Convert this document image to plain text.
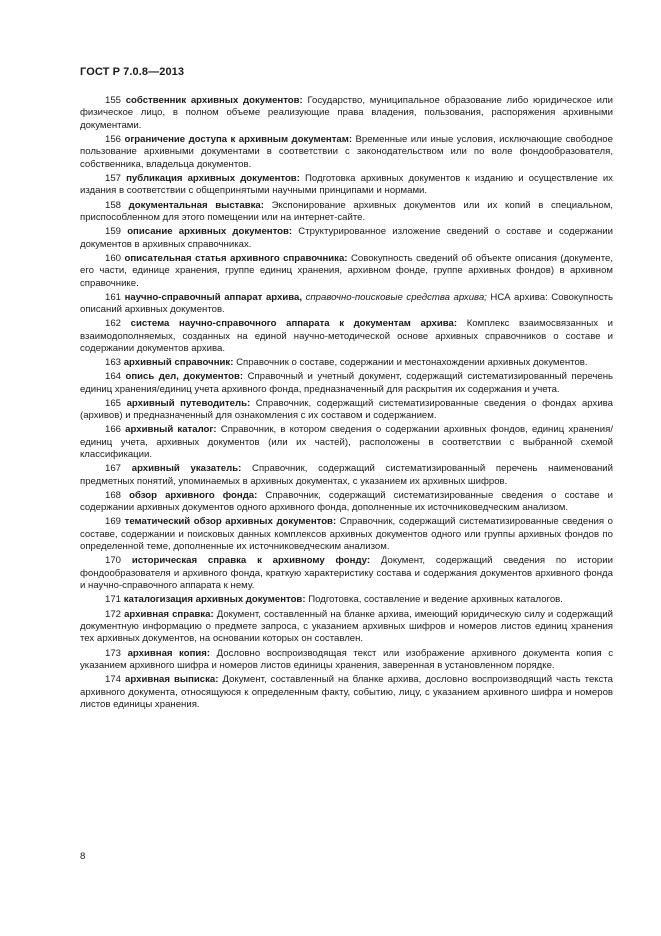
ГОСТ Р 7.0.8—2013

155 собственник архивных документов: Государство, муниципальное образование либо юридическое или физическое лицо, в полном объеме реализующие права владения, пользования, распоряжения архивными документами.

156 ограничение доступа к архивным документам: Временные или иные условия, исключающие свободное пользование архивными документами в соответствии с законодательством или по воле фондообразователя, собственника, владельца документов.

157 публикация архивных документов: Подготовка архивных документов к изданию и осуществление их издания в соответствии с общепринятыми научными принципами и нормами.

158 документальная выставка: Экспонирование архивных документов или их копий в специальном, приспособленном для этого помещении или на интернет-сайте.

159 описание архивных документов: Структурированное изложение сведений о составе и содержании документов в архивных справочниках.

160 описательная статья архивного справочника: Совокупность сведений об объекте описания (документе, его части, единице хранения, группе единиц хранения, архивном фонде, группе архивных фондов) в архивном справочнике.

161 научно-справочный аппарат архива, справочно-поисковые средства архива; НСА архива: Совокупность описаний архивных документов.

162 система научно-справочного аппарата к документам архива: Комплекс взаимосвязанных и взаимодополняемых, созданных на единой научно-методической основе архивных справочников о составе и содержании документов архива.

163 архивный справочник: Справочник о составе, содержании и местонахождении архивных документов.

164 опись дел, документов: Справочный и учетный документ, содержащий систематизированный перечень единиц хранения/единиц учета архивного фонда, предназначенный для раскрытия их содержания и учета.

165 архивный путеводитель: Справочник, содержащий систематизированные сведения о фондах архива (архивов) и предназначенный для ознакомления с их составом и содержанием.

166 архивный каталог: Справочник, в котором сведения о содержании архивных фондов, единиц хранения/единиц учета, архивных документов (или их частей), расположены в соответствии с выбранной схемой классификации.

167 архивный указатель: Справочник, содержащий систематизированный перечень наименований предметных понятий, упоминаемых в архивных документах, с указанием их архивных шифров.

168 обзор архивного фонда: Справочник, содержащий систематизированные сведения о составе и содержании архивных документов одного архивного фонда, дополненные их источниковедческим анализом.

169 тематический обзор архивных документов: Справочник, содержащий систематизированные сведения о составе, содержании и поисковых данных комплексов архивных документов одного или группы архивных фондов по определенной теме, дополненные их источниковедческим анализом.

170 историческая справка к архивному фонду: Документ, содержащий сведения по истории фондообразователя и архивного фонда, краткую характеристику состава и содержания документов архивного фонда и научно-справочного аппарата к нему.

171 каталогизация архивных документов: Подготовка, составление и ведение архивных каталогов.

172 архивная справка: Документ, составленный на бланке архива, имеющий юридическую силу и содержащий документную информацию о предмете запроса, с указанием архивных шифров и номеров листов единиц хранения тех архивных документов, на основании которых он составлен.

173 архивная копия: Дословно воспроизводящая текст или изображение архивного документа копия с указанием архивного шифра и номеров листов единицы хранения, заверенная в установленном порядке.

174 архивная выписка: Документ, составленный на бланке архива, дословно воспроизводящий часть текста архивного документа, относящуюся к определенным факту, событию, лицу, с указанием архивного шифра и номеров листов единицы хранения.

8
